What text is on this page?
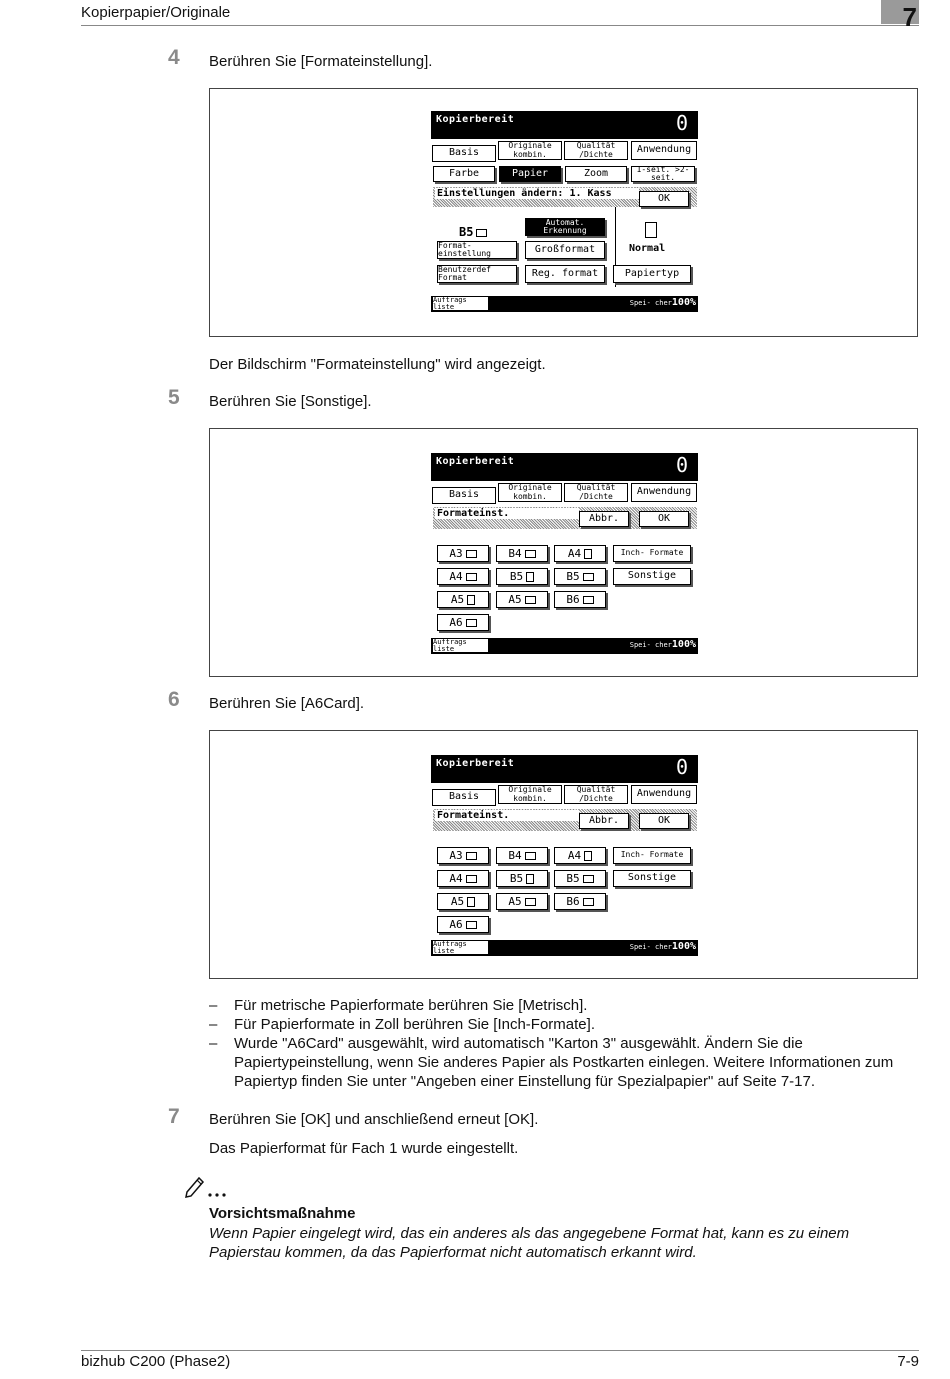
Kopierpapier/Originale	7
4 Berühren Sie [Formateinstellung].
Kopierbereit	0
Basis
Originale kombin.
Qualität /Dichte	Anwendung
Farbe	Papier	Zoom	1-seit. >2-seit.
Einstellungen ändern: 1. Kass	OK
B5
Automat. Erkennung
Format- einstellung	Großformat
Benutzerdef Format	Reg. format
Normal
Papiertyp
Auftrags liste	Spei- cher100%
Der Bildschirm "Formateinstellung" wird angezeigt.
5 Berühren Sie [Sonstige].
Kopierbereit	0
Basis
Originale kombin.
Qualität /Dichte	Anwendung
Formateinst.	Abbr.	OK
A3	B4	A4	Inch- Formate
A4	B5	B5	Sonstige
A5	A5	B6
A6
Auftrags liste	Spei- cher100%
6 Berühren Sie [A6Card].
Kopierbereit	0
Basis
Originale kombin.
Qualität /Dichte	Anwendung
Formateinst.	Abbr.	OK
A3	B4	A4	Inch- Formate
A4	B5	B5	Sonstige
A5	A5	B6
A6
Auftrags liste	Spei- cher100%
– Für metrische Papierformate berühren Sie [Metrisch].
– Für Papierformate in Zoll berühren Sie [Inch-Formate].
– Wurde "A6Card" ausgewählt, wird automatisch "Karton 3" ausgewählt. Ändern Sie die Papiertypeinstellung, wenn Sie anderes Papier als Postkarten einlegen. Weitere Informationen zum Papiertyp finden Sie unter "Angeben einer Einstellung für Spezialpapier" auf Seite 7-17.
7 Berühren Sie [OK] und anschließend erneut [OK].
Das Papierformat für Fach 1 wurde eingestellt.
Vorsichtsmaßnahme
Wenn Papier eingelegt wird, das ein anderes als das angegebene Format hat, kann es zu einem Papierstau kommen, da das Papierformat nicht automatisch erkannt wird.
bizhub C200 (Phase2)	7-9
